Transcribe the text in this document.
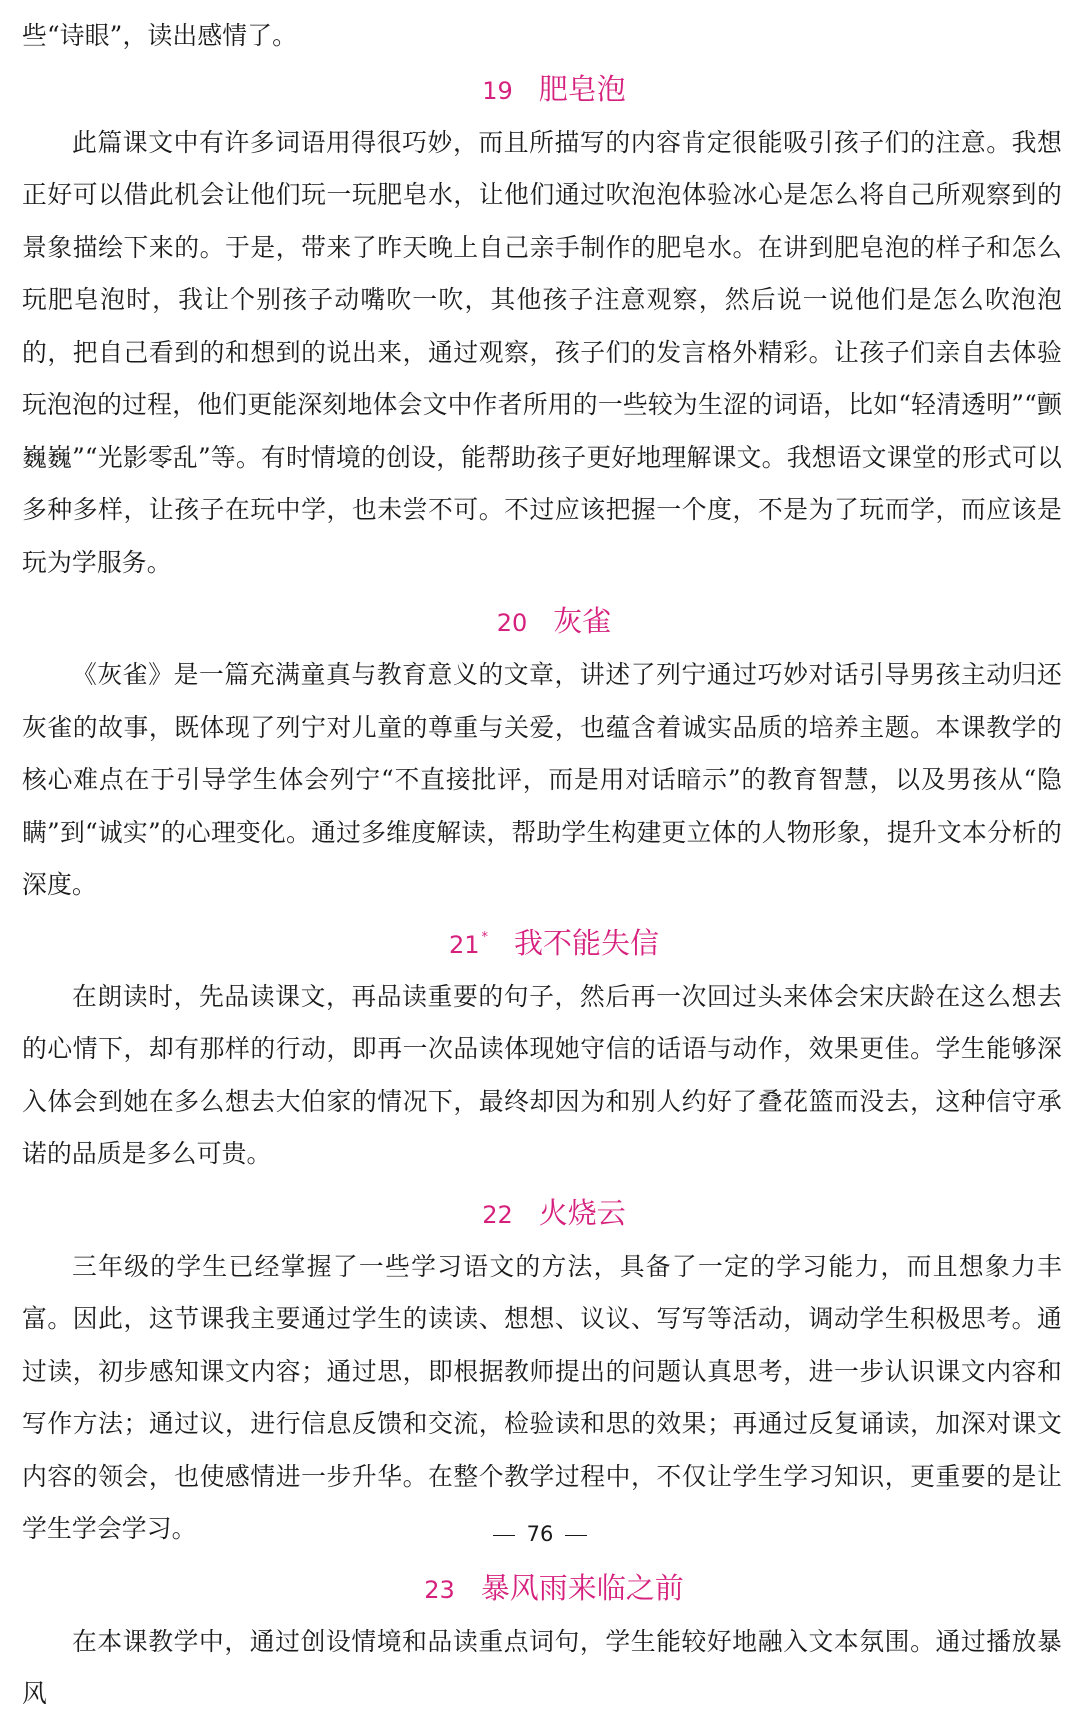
些“诗眼”，读出感情了。

19 肥皂泡

此篇课文中有许多词语用得很巧妙，而且所描写的内容肯定很能吸引孩子们的注意。我想正好可以借此机会让他们玩一玩肥皂水，让他们通过吹泡泡体验冰心是怎么将自己所观察到的景象描绘下来的。于是，带来了昨天晚上自己亲手制作的肥皂水。在讲到肥皂泡的样子和怎么玩肥皂泡时，我让个别孩子动嘴吹一吹，其他孩子注意观察，然后说一说他们是怎么吹泡泡的，把自己看到的和想到的说出来，通过观察，孩子们的发言格外精彩。让孩子们亲自去体验玩泡泡的过程，他们更能深刻地体会文中作者所用的一些较为生涩的词语，比如“轻清透明”“颤巍巍”“光影零乱”等。有时情境的创设，能帮助孩子更好地理解课文。我想语文课堂的形式可以多种多样，让孩子在玩中学，也未尝不可。不过应该把握一个度，不是为了玩而学，而应该是玩为学服务。

20 灰雀

《灰雀》是一篇充满童真与教育意义的文章，讲述了列宁通过巧妙对话引导男孩主动归还灰雀的故事，既体现了列宁对儿童的尊重与关爱，也蕴含着诚实品质的培养主题。本课教学的核心难点在于引导学生体会列宁“不直接批评，而是用对话暗示”的教育智慧，以及男孩从“隐瞒”到“诚实”的心理变化。通过多维度解读，帮助学生构建更立体的人物形象，提升文本分析的深度。

21 * 我不能失信

在朗读时，先品读课文，再品读重要的句子，然后再一次回过头来体会宋庆龄在这么想去的心情下，却有那样的行动，即再一次品读体现她守信的话语与动作，效果更佳。学生能够深入体会到她在多么想去大伯家的情况下，最终却因为和别人约好了叠花篮而没去，这种信守承诺的品质是多么可贵。

22 火烧云

三年级的学生已经掌握了一些学习语文的方法，具备了一定的学习能力，而且想象力丰富。因此，这节课我主要通过学生的读读、想想、议议、写写等活动，调动学生积极思考。通过读，初步感知课文内容；通过思，即根据教师提出的问题认真思考，进一步认识课文内容和写作方法；通过议，进行信息反馈和交流，检验读和思的效果；再通过反复诵读，加深对课文内容的领会，也使感情进一步升华。在整个教学过程中，不仅让学生学习知识，更重要的是让学生学会学习。

23 暴风雨来临之前

在本课教学中，通过创设情境和品读重点词句，学生能较好地融入文本氛围。通过播放暴风

76
